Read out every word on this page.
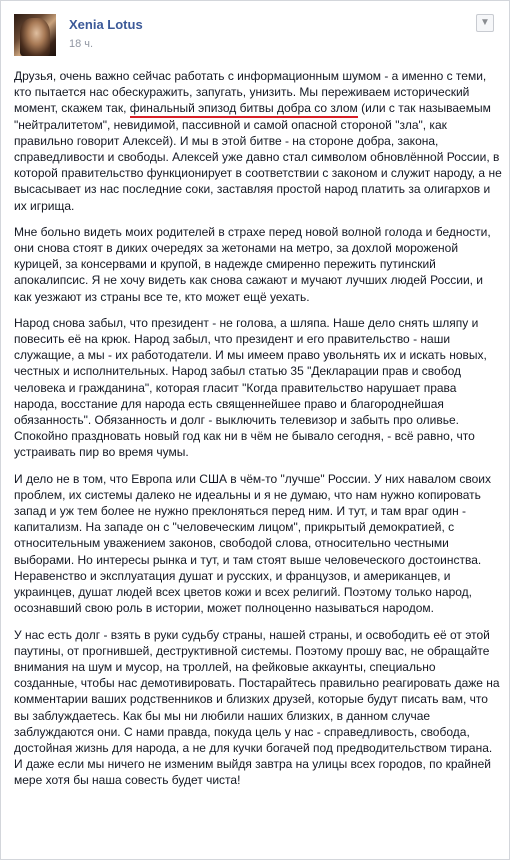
Xenia Lotus
18 ч.
▼

Друзья, очень важно сейчас работать с информационным шумом - а именно с теми, кто пытается нас обескуражить, запугать, унизить. Мы переживаем исторический момент, скажем так, финальный эпизод битвы добра со злом (или с так называемым "нейтралитетом", невидимой, пассивной и самой опасной стороной "зла", как правильно говорит Алексей). И мы в этой битве - на стороне добра, закона, справедливости и свободы. Алексей уже давно стал символом обновлённой России, в которой правительство функционирует в соответствии с законом и служит народу, а не высасывает из нас последние соки, заставляя простой народ платить за олигархов и их игрища.

Мне больно видеть моих родителей в страхе перед новой волной голода и бедности, они снова стоят в диких очередях за жетонами на метро, за дохлой мороженой курицей, за консервами и крупой, в надежде смиренно пережить путинский апокалипсис. Я не хочу видеть как снова сажают и мучают лучших людей России, и как уезжают из страны все те, кто может ещё уехать.

Народ снова забыл, что президент - не голова, а шляпа. Наше дело снять шляпу и повесить её на крюк. Народ забыл, что президент и его правительство - наши служащие, а мы - их работодатели. И мы имеем право увольнять их и искать новых, честных и исполнительных. Народ забыл статью 35 "Декларации прав и свобод человека и гражданина", которая гласит "Когда правительство нарушает права народа, восстание для народа есть священнейшее право и благороднейшая обязанность". Обязанность и долг - выключить телевизор и забыть про оливье. Спокойно праздновать новый год как ни в чём не бывало сегодня, - всё равно, что устраивать пир во время чумы.

И дело не в том, что Европа или США в чём-то "лучше" России. У них навалом своих проблем, их системы далеко не идеальны и я не думаю, что нам нужно копировать запад и уж тем более не нужно преклоняться перед ним. И тут, и там враг один - капитализм. На западе он с "человеческим лицом", прикрытый демократией, с относительным уважением законов, свободой слова, относительно честными выборами. Но интересы рынка и тут, и там стоят выше человеческого достоинства. Неравенство и эксплуатация душат и русских, и французов, и американцев, и украинцев, душат людей всех цветов кожи и всех религий. Поэтому только народ, осознавший свою роль в истории, может полноценно называться народом.

У нас есть долг - взять в руки судьбу страны, нашей страны, и освободить её от этой паутины, от прогнившей, деструктивной системы. Поэтому прошу вас, не обращайте внимания на шум и мусор, на троллей, на фейковые аккаунты, специально созданные, чтобы нас демотивировать. Постарайтесь правильно реагировать даже на комментарии ваших родственников и близких друзей, которые будут писать вам, что вы заблуждаетесь. Как бы мы ни любили наших близких, в данном случае заблуждаются они. С нами правда, покуда цель у нас - справедливость, свобода, достойная жизнь для народа, а не для кучки богачей под предводительством тирана. И даже если мы ничего не изменим выйдя завтра на улицы всех городов, по крайней мере хотя бы наша совесть будет чиста!
